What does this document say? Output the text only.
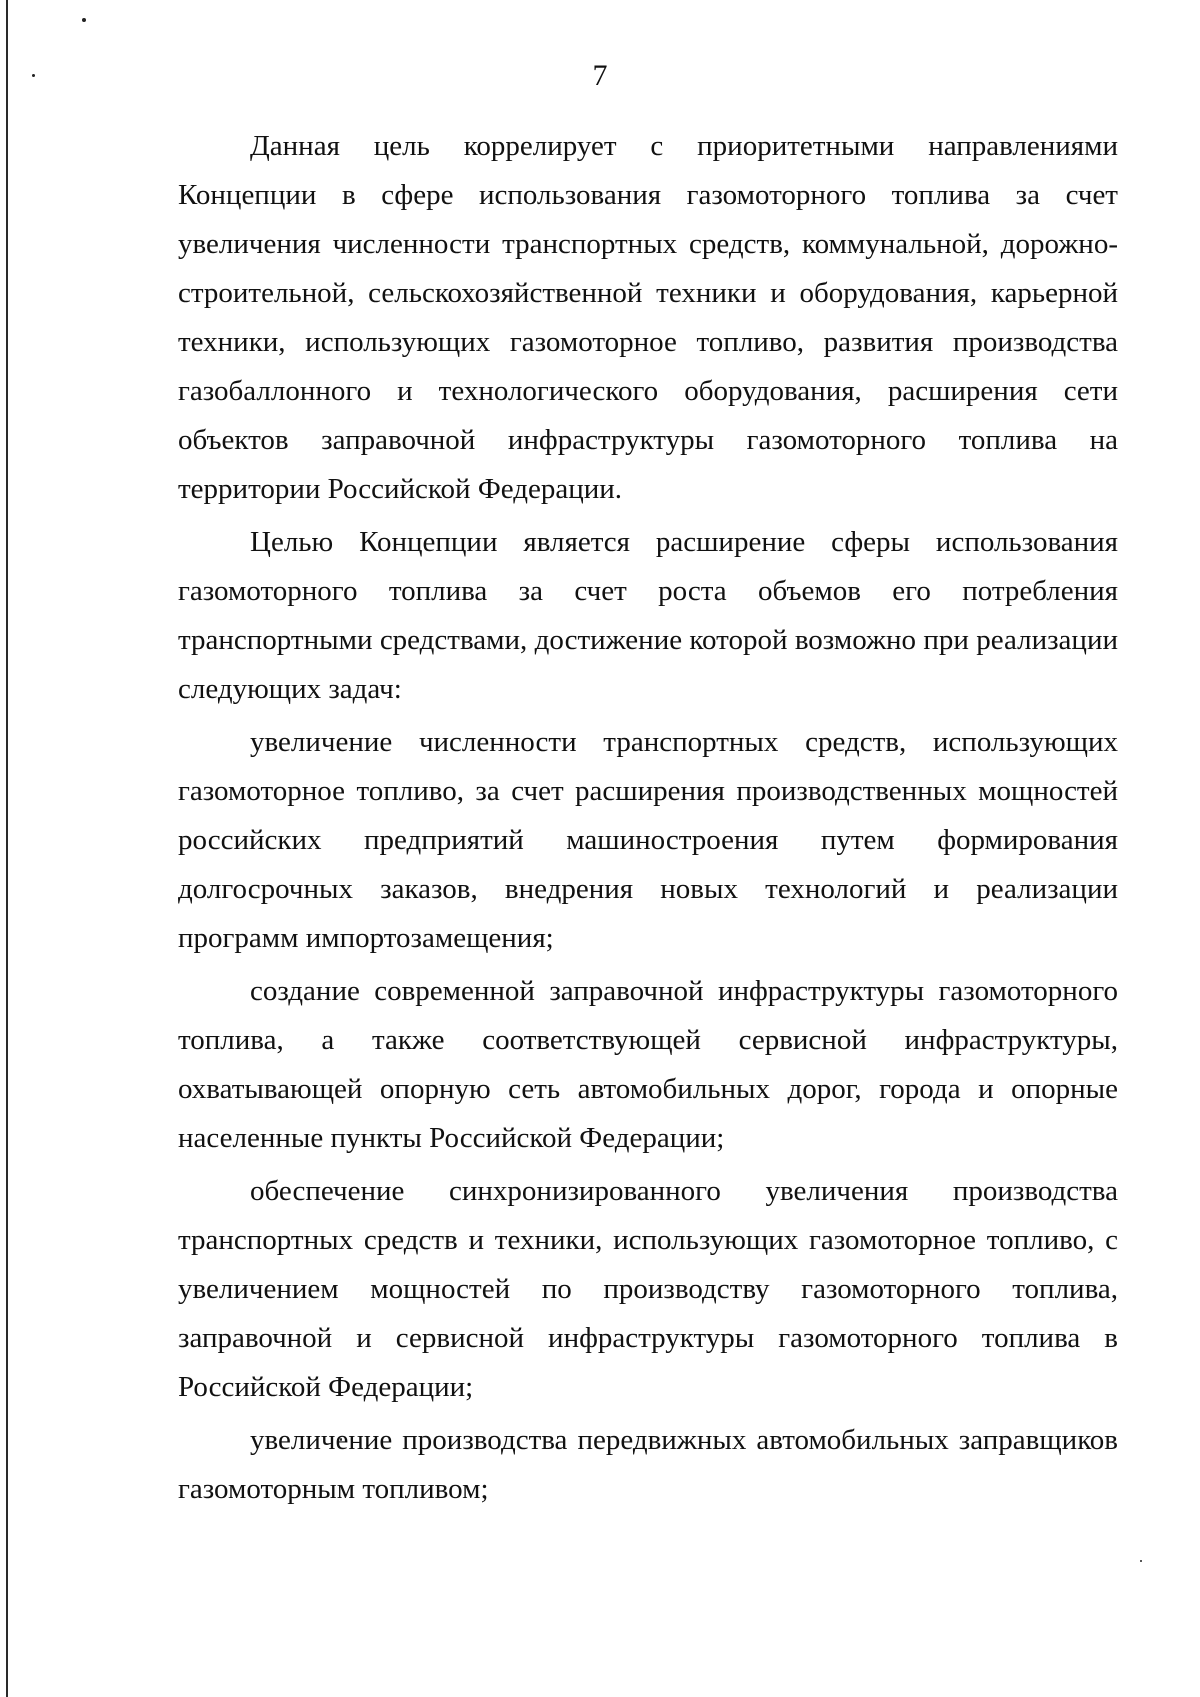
7

Данная цель коррелирует с приоритетными направлениями Концепции в сфере использования газомоторного топлива за счет увеличения численности транспортных средств, коммунальной, дорожно-строительной, сельскохозяйственной техники и оборудования, карьерной техники, использующих газомоторное топливо, развития производства газобаллонного и технологического оборудования, расширения сети объектов заправочной инфраструктуры газомоторного топлива на территории Российской Федерации.

Целью Концепции является расширение сферы использования газомоторного топлива за счет роста объемов его потребления транспортными средствами, достижение которой возможно при реализации следующих задач:

увеличение численности транспортных средств, использующих газомоторное топливо, за счет расширения производственных мощностей российских предприятий машиностроения путем формирования долгосрочных заказов, внедрения новых технологий и реализации программ импортозамещения;

создание современной заправочной инфраструктуры газомоторного топлива, а также соответствующей сервисной инфраструктуры, охватывающей опорную сеть автомобильных дорог, города и опорные населенные пункты Российской Федерации;

обеспечение синхронизированного увеличения производства транспортных средств и техники, использующих газомоторное топливо, с увеличением мощностей по производству газомоторного топлива, заправочной и сервисной инфраструктуры газомоторного топлива в Российской Федерации;

увеличение производства передвижных автомобильных заправщиков газомоторным топливом;
